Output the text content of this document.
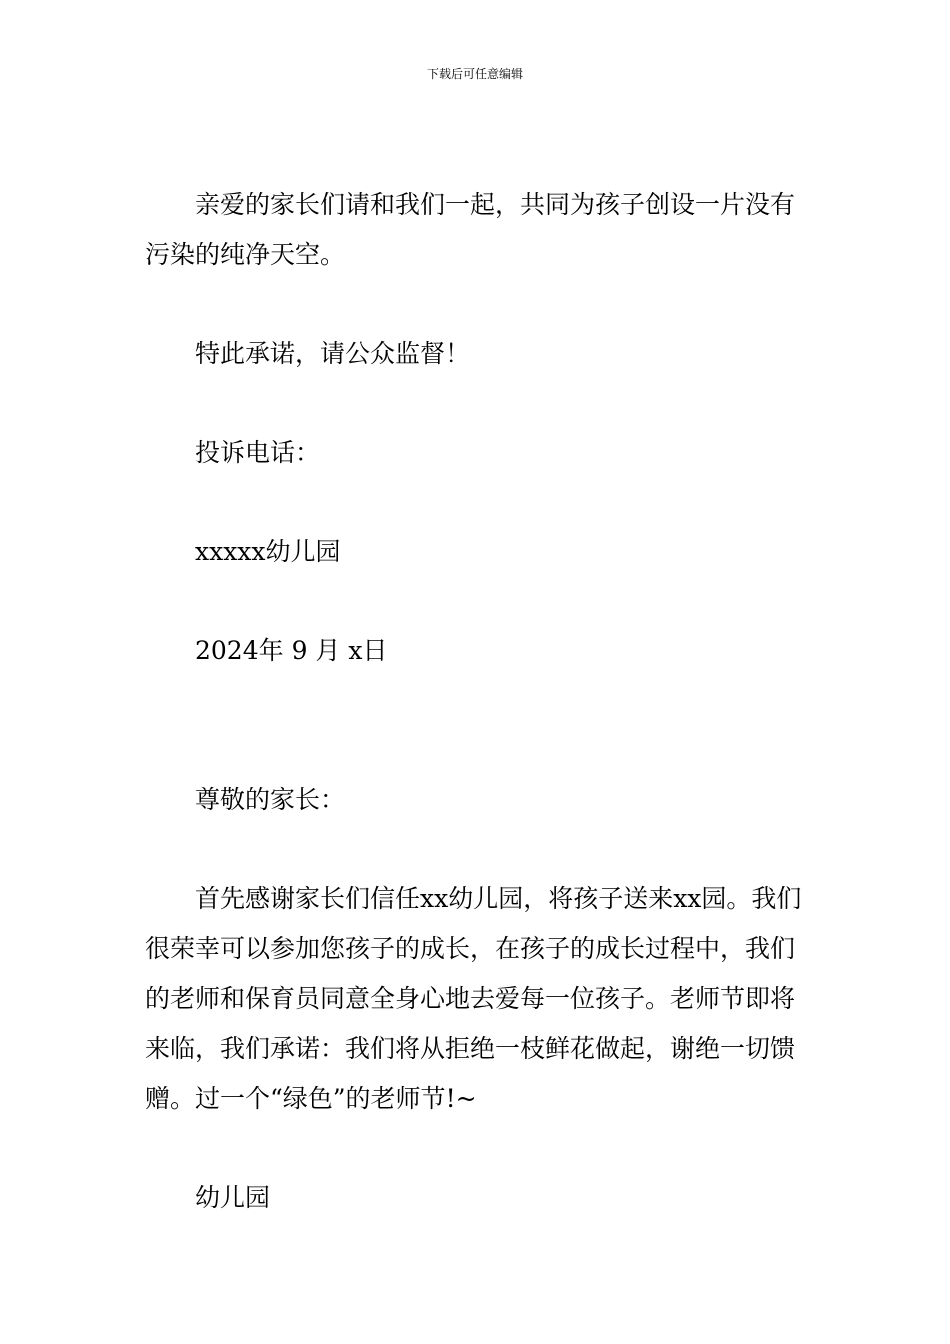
下载后可任意编辑

亲爱的家长们请和我们一起，共同为孩子创设一片没有污染的纯净天空。

特此承诺，请公众监督！

投诉电话：

xxxxx幼儿园

2024年 9 月 x日

尊敬的家长：

首先感谢家长们信任xx幼儿园，将孩子送来xx园。我们很荣幸可以参加您孩子的成长，在孩子的成长过程中，我们的老师和保育员同意全身心地去爱每一位孩子。老师节即将来临，我们承诺：我们将从拒绝一枝鲜花做起，谢绝一切馈赠。过一个“绿色”的老师节!~

幼儿园
